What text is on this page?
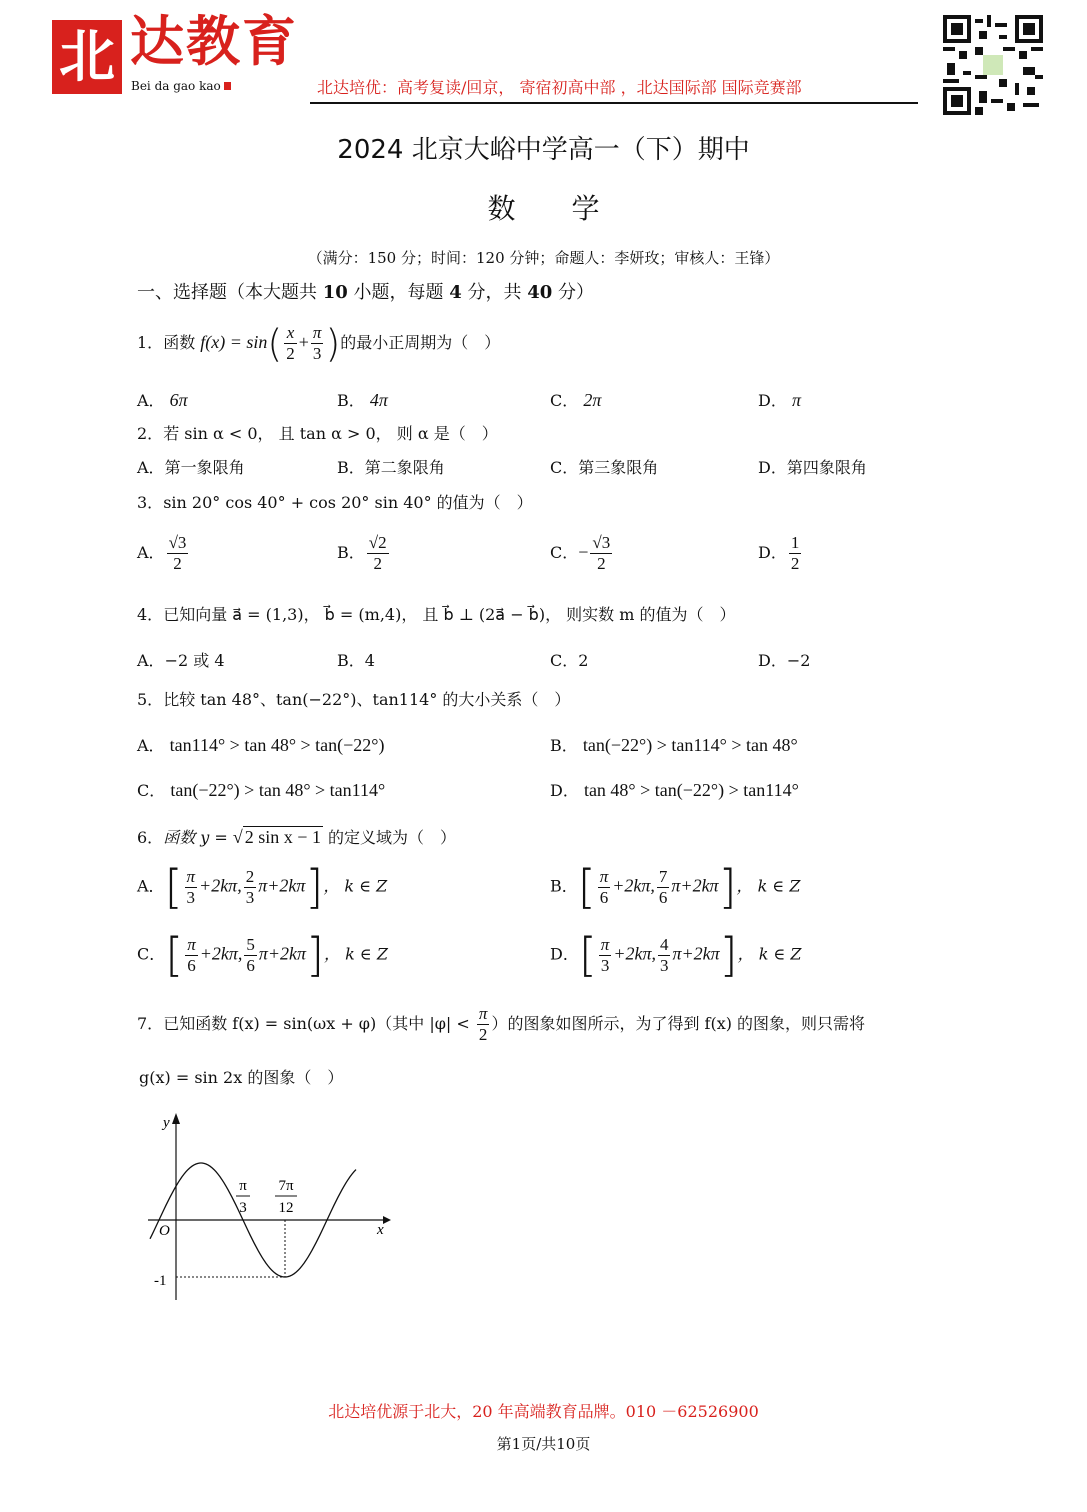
北 达教育
Bei da gao kao	北达培优：高考复读/回京， 寄宿初高中部 ，北达国际部 国际竞赛部
2024 北京大峪中学高一（下）期中
数　　学
（满分：150 分；时间：120 分钟；命题人：李妍玫；审核人：王锋）
一、选择题（本大题共 10 小题，每题 4 分，共 40 分）
1．函数 $f(x) = \sin( \frac{x}{2} + \frac{\pi}{3}$ )的最小正周期为（　）
A． 6π	B． 4π	C． 2π	D． π
2．若 sin α < 0， 且 tan α > 0， 则 α 是（　）
A．第一象限角	B．第二象限角	C．第三象限角	D．第四象限角
3．sin 20° cos 40° + cos 20° sin 40° 的值为（　）
A． $\frac{√3}{2}$	B． $\frac{√2}{2}$	C．− $\frac{√3}{2}$	D． $\frac{1}{2}$
4．已知向量 a⃗ = (1,3)， b⃗ = (m,4)， 且 b⃗ ⊥ (2a⃗ − b⃗)， 则实数 m 的值为（　）
A．−2 或 4	B．4	C．2	D．−2
5．比较 tan 48°、tan(−22°)、tan114° 的大小关系（　）
A． tan114° > tan 48° > tan(−22°)	B． tan(−22°) > tan114° > tan 48°
C． tan(−22°) > tan 48° > tan114°	D． tan 48° > tan(−22°) > tan114°
6．函数 y = √ 2 sin x − 1 的定义域为（　）
A．[ $\frac{\pi}{3} +2k\pi$, $\frac{2}{3} \pi+2k\pi$]， k ∈ Z	B．[ $\frac{\pi}{6} +2k\pi$, $\frac{7}{6} \pi+2k\pi$]， k ∈ Z
C．[ $\frac{\pi}{6} +2k\pi$, $\frac{5}{6} \pi+2k\pi$]， k ∈ Z	D．[ $\frac{\pi}{3} +2k\pi$, $\frac{4}{3} \pi+2k\pi$]， k ∈ Z
7．已知函数 f(x) = sin(ωx + φ)（其中 $|\varphi| < \frac{\pi}{2}$ ）的图象如图所示，为了得到 f(x) 的图象，则只需将
g(x) = sin 2x 的图象（　）
y
x
O
-1
π
3
7π
12
北达培优源于北大，20 年高端教育品牌。010 －62526900
第1页/共10页
